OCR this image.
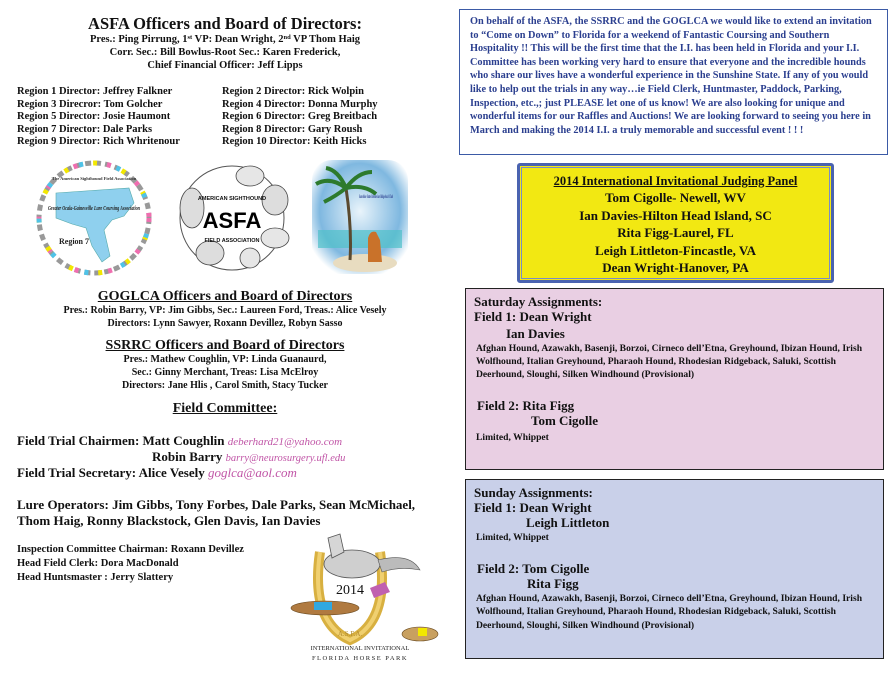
ASFA Officers and Board of Directors:
Pres.: Ping Pirrung, 1st VP: Dean Wright, 2nd VP Thom Haig
Corr. Sec.: Bill Bowlus-Root Sec.: Karen Frederick,
Chief Financial Officer: Jeff Lipps
Region 1 Director: Jeffrey Falkner
Region 3 Direcror: Tom Golcher
Region 5 Director: Josie Haumont
Region 7 Director: Dale Parks
Region 9 Director: Rich Whritenour
Region 2 Director: Rick Wolpin
Region 4 Director: Donna Murphy
Region 6 Director: Greg Breitbach
Region 8 Director: Gary Roush
Region 10 Director: Keith Hicks
The American Sighthound Field Association
Greater Ocala-Gainesville Lure Coursing Association
Region 7
AMERICAN SIGHTHOUND
ASFA
FIELD ASSOCIATION
Sunshine State Rhodesian Ridgeback Club
GOGLCA Officers and Board of Directors
Pres.: Robin Barry, VP: Jim Gibbs, Sec.: Laureen Ford, Treas.: Alice Vesely
Directors: Lynn Sawyer, Roxann Devillez, Robyn Sasso
SSRRC Officers and Board of Directors
Pres.: Mathew Coughlin, VP: Linda Guanaurd,
Sec.: Ginny Merchant, Treas: Lisa McElroy
Directors: Jane Hlis , Carol Smith, Stacy Tucker
Field Committee:
Field Trial Chairmen: Matt Coughlin deberhard21@yahoo.com
Robin Barry barry@neurosurgery.ufl.edu
Field Trial Secretary: Alice Vesely goglca@aol.com
Lure Operators: Jim Gibbs, Tony Forbes, Dale Parks, Sean McMichael,
Thom Haig, Ronny Blackstock, Glen Davis, Ian Davies
Inspection Committee Chairman: Roxann Devillez
Head Field Clerk: Dora MacDonald
Head Huntsmaster : Jerry Slattery
2014
A.S.F.A.
INTERNATIONAL INVITATIONAL
FLORIDA HORSE PARK
On behalf of the ASFA, the SSRRC and the GOGLCA we would like to extend an invitation to “Come on Down” to Florida for a weekend of Fantastic Coursing and Southern Hospitality !! This will be the first time that the I.I. has been held in Florida and your I.I. Committee has been working very hard to ensure that everyone and the incredible hounds who share our lives have a wonderful experience in the Sunshine State. If any of you would like to help out the trials in any way…ie Field Clerk, Huntmaster, Paddock, Parking, Inspection, etc.,; just PLEASE let one of us know! We are also looking for unique and wonderful items for our Raffles and Auctions! We are looking forward to seeing you here in March and making the 2014 I.I. a truly memorable and successful event ! ! !
2014 International Invitational Judging Panel
Tom Cigolle- Newell, WV
Ian Davies-Hilton Head Island, SC
Rita Figg-Laurel, FL
Leigh Littleton-Fincastle, VA
Dean Wright-Hanover, PA
Saturday Assignments:
Field 1: Dean Wright
Ian Davies
Afghan Hound, Azawakh, Basenji, Borzoi, Cirneco dell’Etna, Greyhound, Ibizan Hound, Irish Wolfhound, Italian Greyhound, Pharaoh Hound, Rhodesian Ridgeback, Saluki, Scottish Deerhound, Sloughi, Silken Windhound (Provisional)
Field 2: Rita Figg
Tom Cigolle
Limited, Whippet
Sunday Assignments:
Field 1: Dean Wright
Leigh Littleton
Limited, Whippet
Field 2: Tom Cigolle
Rita Figg
Afghan Hound, Azawakh, Basenji, Borzoi, Cirneco dell’Etna, Greyhound, Ibizan Hound, Irish Wolfhound, Italian Greyhound, Pharaoh Hound, Rhodesian Ridgeback, Saluki, Scottish Deerhound, Sloughi, Silken Windhound (Provisional)
